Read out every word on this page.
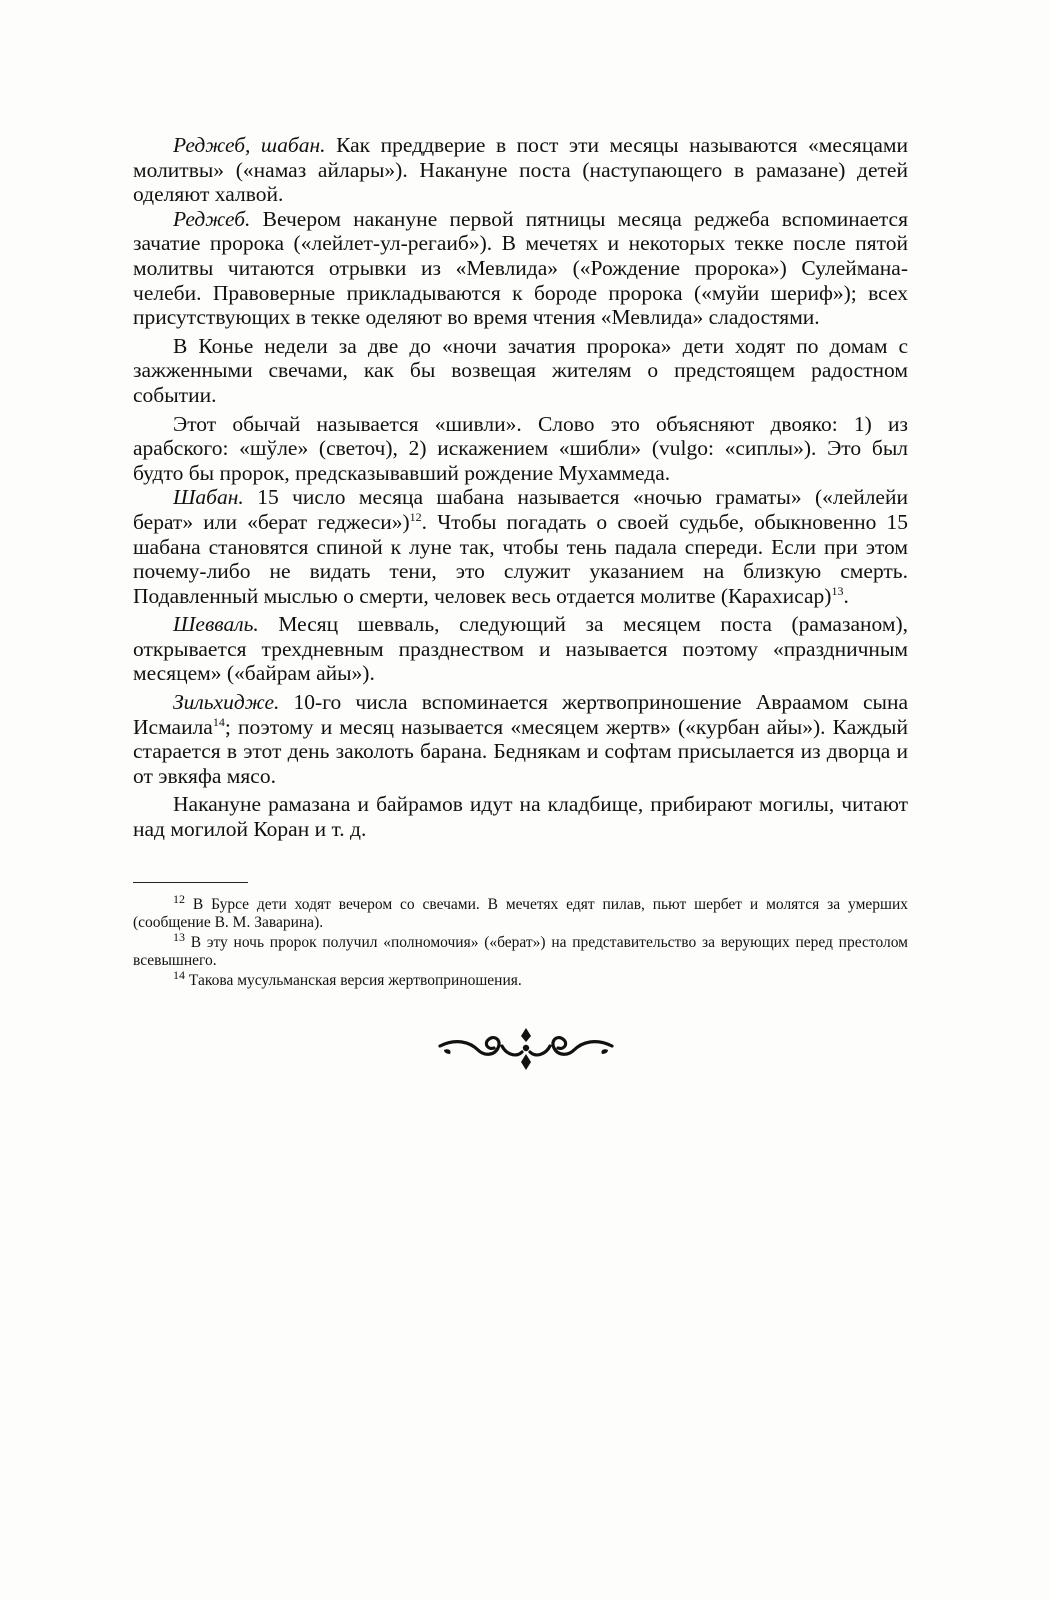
Реджеб, шабан. Как преддверие в пост эти месяцы называются «месяцами молитвы» («намаз айлары»). Накануне поста (наступающего в рамазане) детей оделяют халвой.

Реджеб. Вечером накануне первой пятницы месяца реджеба вспоминается зачатие пророка («лейлет-ул-регаиб»). В мечетях и некоторых текке после пятой молитвы читаются отрывки из «Мевлида» («Рождение пророка») Сулеймана-челеби. Правоверные прикладываются к бороде пророка («муйи шериф»); всех присутствующих в текке оделяют во время чтения «Мевлида» сладостями.

В Конье недели за две до «ночи зачатия пророка» дети ходят по домам с зажженными свечами, как бы возвещая жителям о предстоящем радостном событии.

Этот обычай называется «шивли». Слово это объясняют двояко: 1) из арабского: «шўле» (светоч), 2) искажением «шибли» (vulgo: «сиплы»). Это был будто бы пророк, предсказывавший рождение Мухаммеда.

Шабан. 15 число месяца шабана называется «ночью граматы» («лейлейи берат» или «берат геджеси»)$^{12}$. Чтобы погадать о своей судьбе, обыкновенно 15 шабана становятся спиной к луне так, чтобы тень падала спереди. Если при этом почему-либо не видать тени, это служит указанием на близкую смерть. Подавленный мыслью о смерти, человек весь отдается молитве (Карахисар)$^{13}$.

Шевваль. Месяц шевваль, следующий за месяцем поста (рамазаном), открывается трехдневным празднеством и называется поэтому «праздничным месяцем» («байрам айы»).

Зильхидже. 10-го числа вспоминается жертвоприношение Авраамом сына Исмаила$^{14}$; поэтому и месяц называется «месяцем жертв» («курбан айы»). Каждый старается в этот день заколоть барана. Беднякам и софтам присылается из дворца и от эвкяфа мясо.

Накануне рамазана и байрамов идут на кладбище, прибирают могилы, читают над могилой Коран и т. д.

$^{12}$ В Бурсе дети ходят вечером со свечами. В мечетях едят пилав, пьют шербет и молятся за умерших (сообщение В. М. Заварина).

$^{13}$ В эту ночь пророк получил «полномочия» («берат») на представительство за верующих перед престолом всевышнего.

$^{14}$ Такова мусульманская версия жертвоприношения.
